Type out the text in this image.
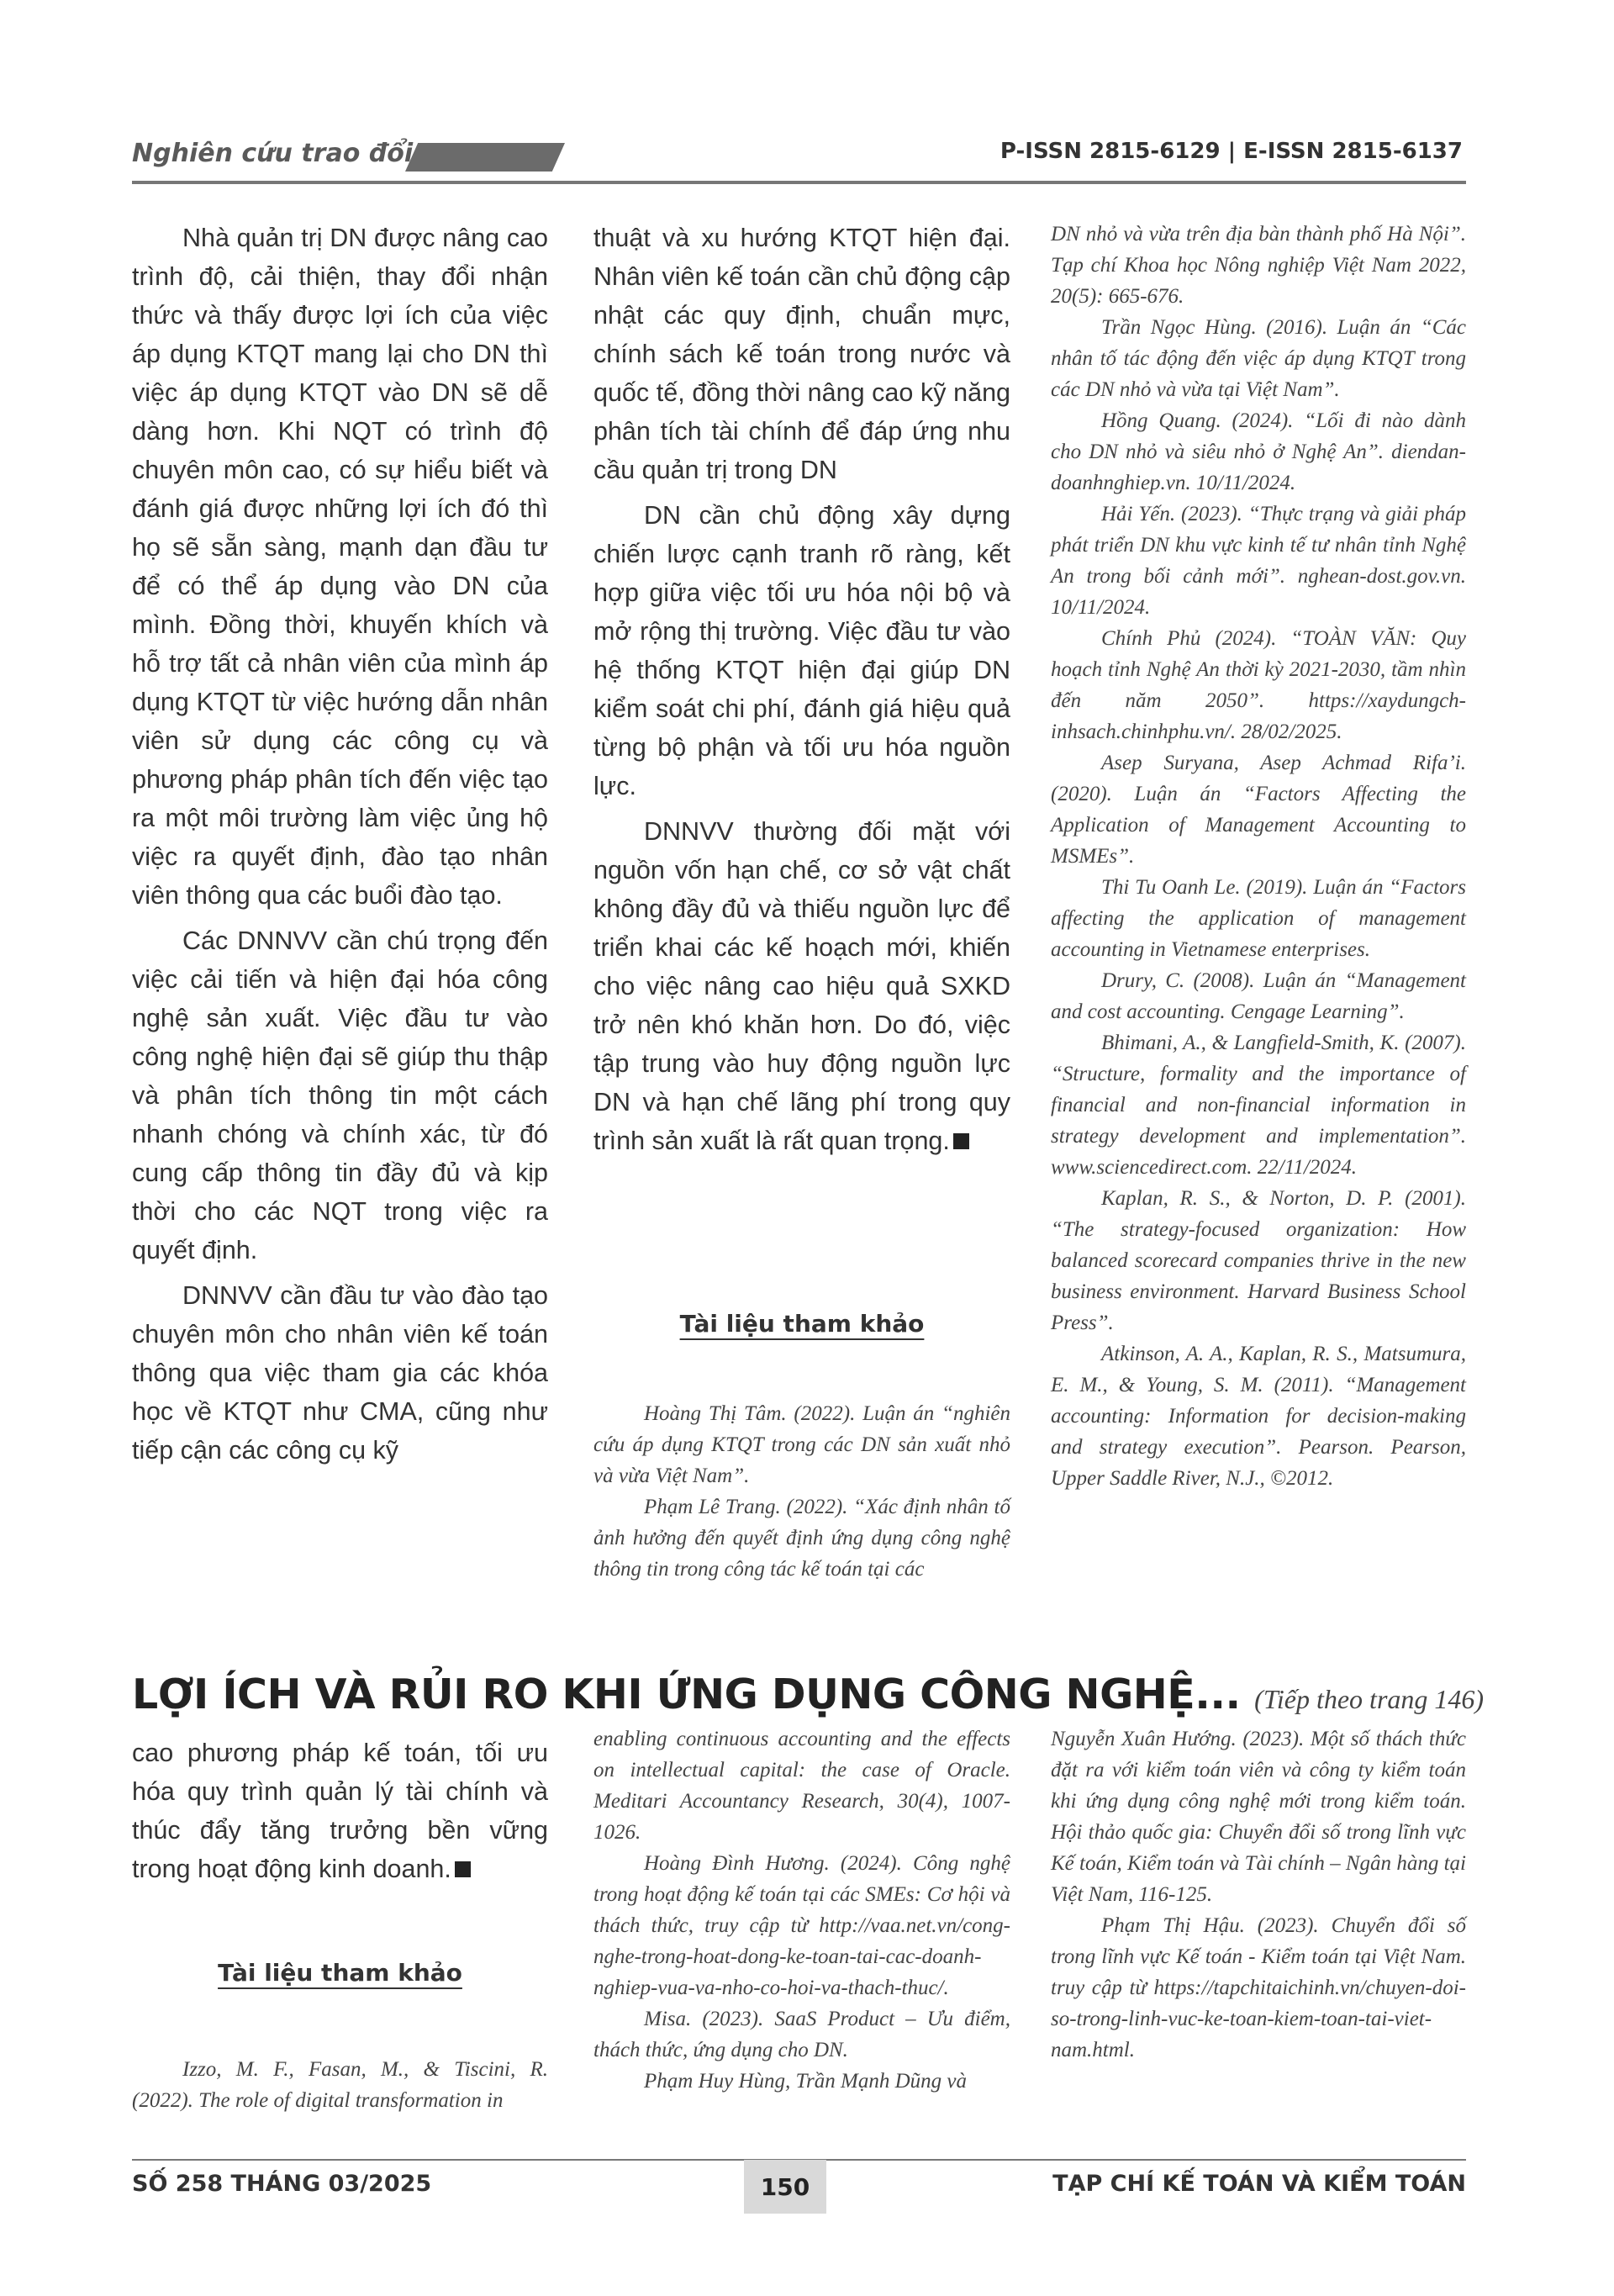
Nghiên cứu trao đổi	P-ISSN 2815-6129 | E-ISSN 2815-6137

Nhà quản trị DN được nâng cao trình độ, cải thiện, thay đổi nhận thức và thấy được lợi ích của việc áp dụng KTQT mang lại cho DN thì việc áp dụng KTQT vào DN sẽ dễ dàng hơn. Khi NQT có trình độ chuyên môn cao, có sự hiểu biết và đánh giá được những lợi ích đó thì họ sẽ sẵn sàng, mạnh dạn đầu tư để có thể áp dụng vào DN của mình. Đồng thời, khuyến khích và hỗ trợ tất cả nhân viên của mình áp dụng KTQT từ việc hướng dẫn nhân viên sử dụng các công cụ và phương pháp phân tích đến việc tạo ra một môi trường làm việc ủng hộ việc ra quyết định, đào tạo nhân viên thông qua các buổi đào tạo.

Các DNNVV cần chú trọng đến việc cải tiến và hiện đại hóa công nghệ sản xuất. Việc đầu tư vào công nghệ hiện đại sẽ giúp thu thập và phân tích thông tin một cách nhanh chóng và chính xác, từ đó cung cấp thông tin đầy đủ và kịp thời cho các NQT trong việc ra quyết định.

DNNVV cần đầu tư vào đào tạo chuyên môn cho nhân viên kế toán thông qua việc tham gia các khóa học về KTQT như CMA, cũng như tiếp cận các công cụ kỹ

thuật và xu hướng KTQT hiện đại. Nhân viên kế toán cần chủ động cập nhật các quy định, chuẩn mực, chính sách kế toán trong nước và quốc tế, đồng thời nâng cao kỹ năng phân tích tài chính để đáp ứng nhu cầu quản trị trong DN

DN cần chủ động xây dựng chiến lược cạnh tranh rõ ràng, kết hợp giữa việc tối ưu hóa nội bộ và mở rộng thị trường. Việc đầu tư vào hệ thống KTQT hiện đại giúp DN kiểm soát chi phí, đánh giá hiệu quả từng bộ phận và tối ưu hóa nguồn lực.

DNNVV thường đối mặt với nguồn vốn hạn chế, cơ sở vật chất không đầy đủ và thiếu nguồn lực để triển khai các kế hoạch mới, khiến cho việc nâng cao hiệu quả SXKD trở nên khó khăn hơn. Do đó, việc tập trung vào huy động nguồn lực DN và hạn chế lãng phí trong quy trình sản xuất là rất quan trọng.

Tài liệu tham khảo

Hoàng Thị Tâm. (2022). Luận án “nghiên cứu áp dụng KTQT trong các DN sản xuất nhỏ và vừa Việt Nam”.

Phạm Lê Trang. (2022). “Xác định nhân tố ảnh hưởng đến quyết định ứng dụng công nghệ thông tin trong công tác kế toán tại các

DN nhỏ và vừa trên địa bàn thành phố Hà Nội”. Tạp chí Khoa học Nông nghiệp Việt Nam 2022, 20(5): 665-676.

Trần Ngọc Hùng. (2016). Luận án “Các nhân tố tác động đến việc áp dụng KTQT trong các DN nhỏ và vừa tại Việt Nam”.

Hồng Quang. (2024). “Lối đi nào dành cho DN nhỏ và siêu nhỏ ở Nghệ An”. diendan-doanhnghiep.vn. 10/11/2024.

Hải Yến. (2023). “Thực trạng và giải pháp phát triển DN khu vực kinh tế tư nhân tỉnh Nghệ An trong bối cảnh mới”. nghean-dost.gov.vn. 10/11/2024.

Chính Phủ (2024). “TOÀN VĂN: Quy hoạch tỉnh Nghệ An thời kỳ 2021-2030, tầm nhìn đến năm 2050”. https://xaydungch-inhsach.chinhphu.vn/. 28/02/2025.

Asep Suryana, Asep Achmad Rifa’i. (2020). Luận án “Factors Affecting the Application of Management Accounting to MSMEs”.

Thi Tu Oanh Le. (2019). Luận án “Factors affecting the application of management accounting in Vietnamese enterprises.

Drury, C. (2008). Luận án “Management and cost accounting. Cengage Learning”.

Bhimani, A., & Langfield-Smith, K. (2007). “Structure, formality and the importance of financial and non-financial information in strategy development and implementation”. www.sciencedirect.com. 22/11/2024.

Kaplan, R. S., & Norton, D. P. (2001). “The strategy-focused organization: How balanced scorecard companies thrive in the new business environment. Harvard Business School Press”.

Atkinson, A. A., Kaplan, R. S., Matsumura, E. M., & Young, S. M. (2011). “Management accounting: Information for decision-making and strategy execution”. Pearson. Pearson, Upper Saddle River, N.J., ©2012.

LỢI ÍCH VÀ RỦI RO KHI ỨNG DỤNG CÔNG NGHỆ... (Tiếp theo trang 146)

cao phương pháp kế toán, tối ưu hóa quy trình quản lý tài chính và thúc đẩy tăng trưởng bền vững trong hoạt động kinh doanh.

Tài liệu tham khảo

Izzo, M. F., Fasan, M., & Tiscini, R. (2022). The role of digital transformation in

enabling continuous accounting and the effects on intellectual capital: the case of Oracle. Meditari Accountancy Research, 30(4), 1007-1026.

Hoàng Đình Hương. (2024). Công nghệ trong hoạt động kế toán tại các SMEs: Cơ hội và thách thức, truy cập từ http://vaa.net.vn/cong-nghe-trong-hoat-dong-ke-toan-tai-cac-doanh-nghiep-vua-va-nho-co-hoi-va-thach-thuc/.

Misa. (2023). SaaS Product – Ưu điểm, thách thức, ứng dụng cho DN.

Phạm Huy Hùng, Trần Mạnh Dũng và

Nguyễn Xuân Hướng. (2023). Một số thách thức đặt ra với kiểm toán viên và công ty kiểm toán khi ứng dụng công nghệ mới trong kiểm toán. Hội thảo quốc gia: Chuyển đổi số trong lĩnh vực Kế toán, Kiểm toán và Tài chính – Ngân hàng tại Việt Nam, 116-125.

Phạm Thị Hậu. (2023). Chuyển đổi số trong lĩnh vực Kế toán - Kiểm toán tại Việt Nam. truy cập từ https://tapchitaichinh.vn/chuyen-doi-so-trong-linh-vuc-ke-toan-kiem-toan-tai-viet-nam.html.

SỐ 258 THÁNG 03/2025	150	TẠP CHÍ KẾ TOÁN VÀ KIỂM TOÁN
